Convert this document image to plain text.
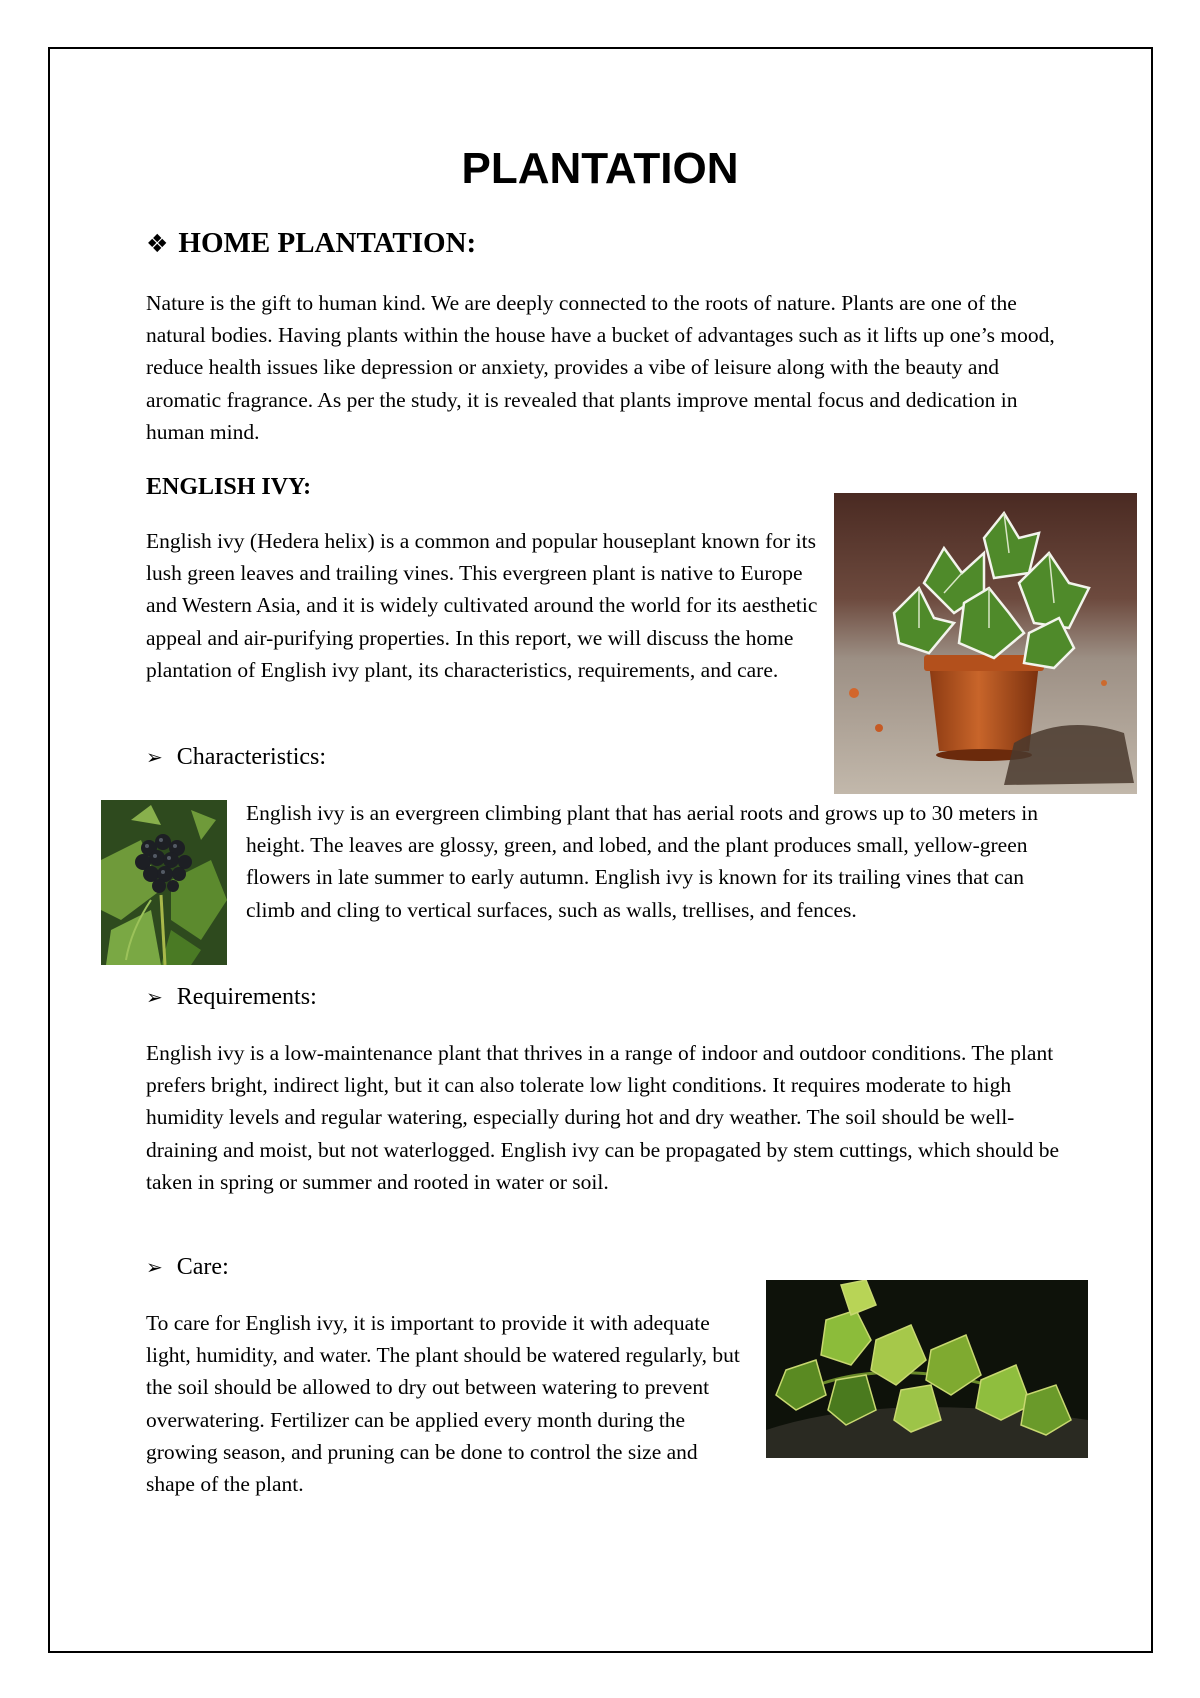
PLANTATION
❖ HOME PLANTATION:

Nature is the gift to human kind. We are deeply connected to the roots of nature. Plants are one of the natural bodies. Having plants within the house have a bucket of advantages such as it lifts up one’s mood, reduce health issues like depression or anxiety, provides a vibe of leisure along with the beauty and aromatic fragrance. As per the study, it is revealed that plants improve mental focus and dedication in human mind.

ENGLISH IVY:

English ivy (Hedera helix) is a common and popular houseplant known for its lush green leaves and trailing vines. This evergreen plant is native to Europe and Western Asia, and it is widely cultivated around the world for its aesthetic appeal and air-purifying properties. In this report, we will discuss the home plantation of English ivy plant, its characteristics, requirements, and care.

➢ Characteristics:

English ivy is an evergreen climbing plant that has aerial roots and grows up to 30 meters in height. The leaves are glossy, green, and lobed, and the plant produces small, yellow-green flowers in late summer to early autumn. English ivy is known for its trailing vines that can climb and cling to vertical surfaces, such as walls, trellises, and fences.

➢ Requirements:

English ivy is a low-maintenance plant that thrives in a range of indoor and outdoor conditions. The plant prefers bright, indirect light, but it can also tolerate low light conditions. It requires moderate to high humidity levels and regular watering, especially during hot and dry weather. The soil should be well-draining and moist, but not waterlogged. English ivy can be propagated by stem cuttings, which should be taken in spring or summer and rooted in water or soil.

➢ Care:

To care for English ivy, it is important to provide it with adequate light, humidity, and water. The plant should be watered regularly, but the soil should be allowed to dry out between watering to prevent overwatering. Fertilizer can be applied every month during the growing season, and pruning can be done to control the size and shape of the plant.
